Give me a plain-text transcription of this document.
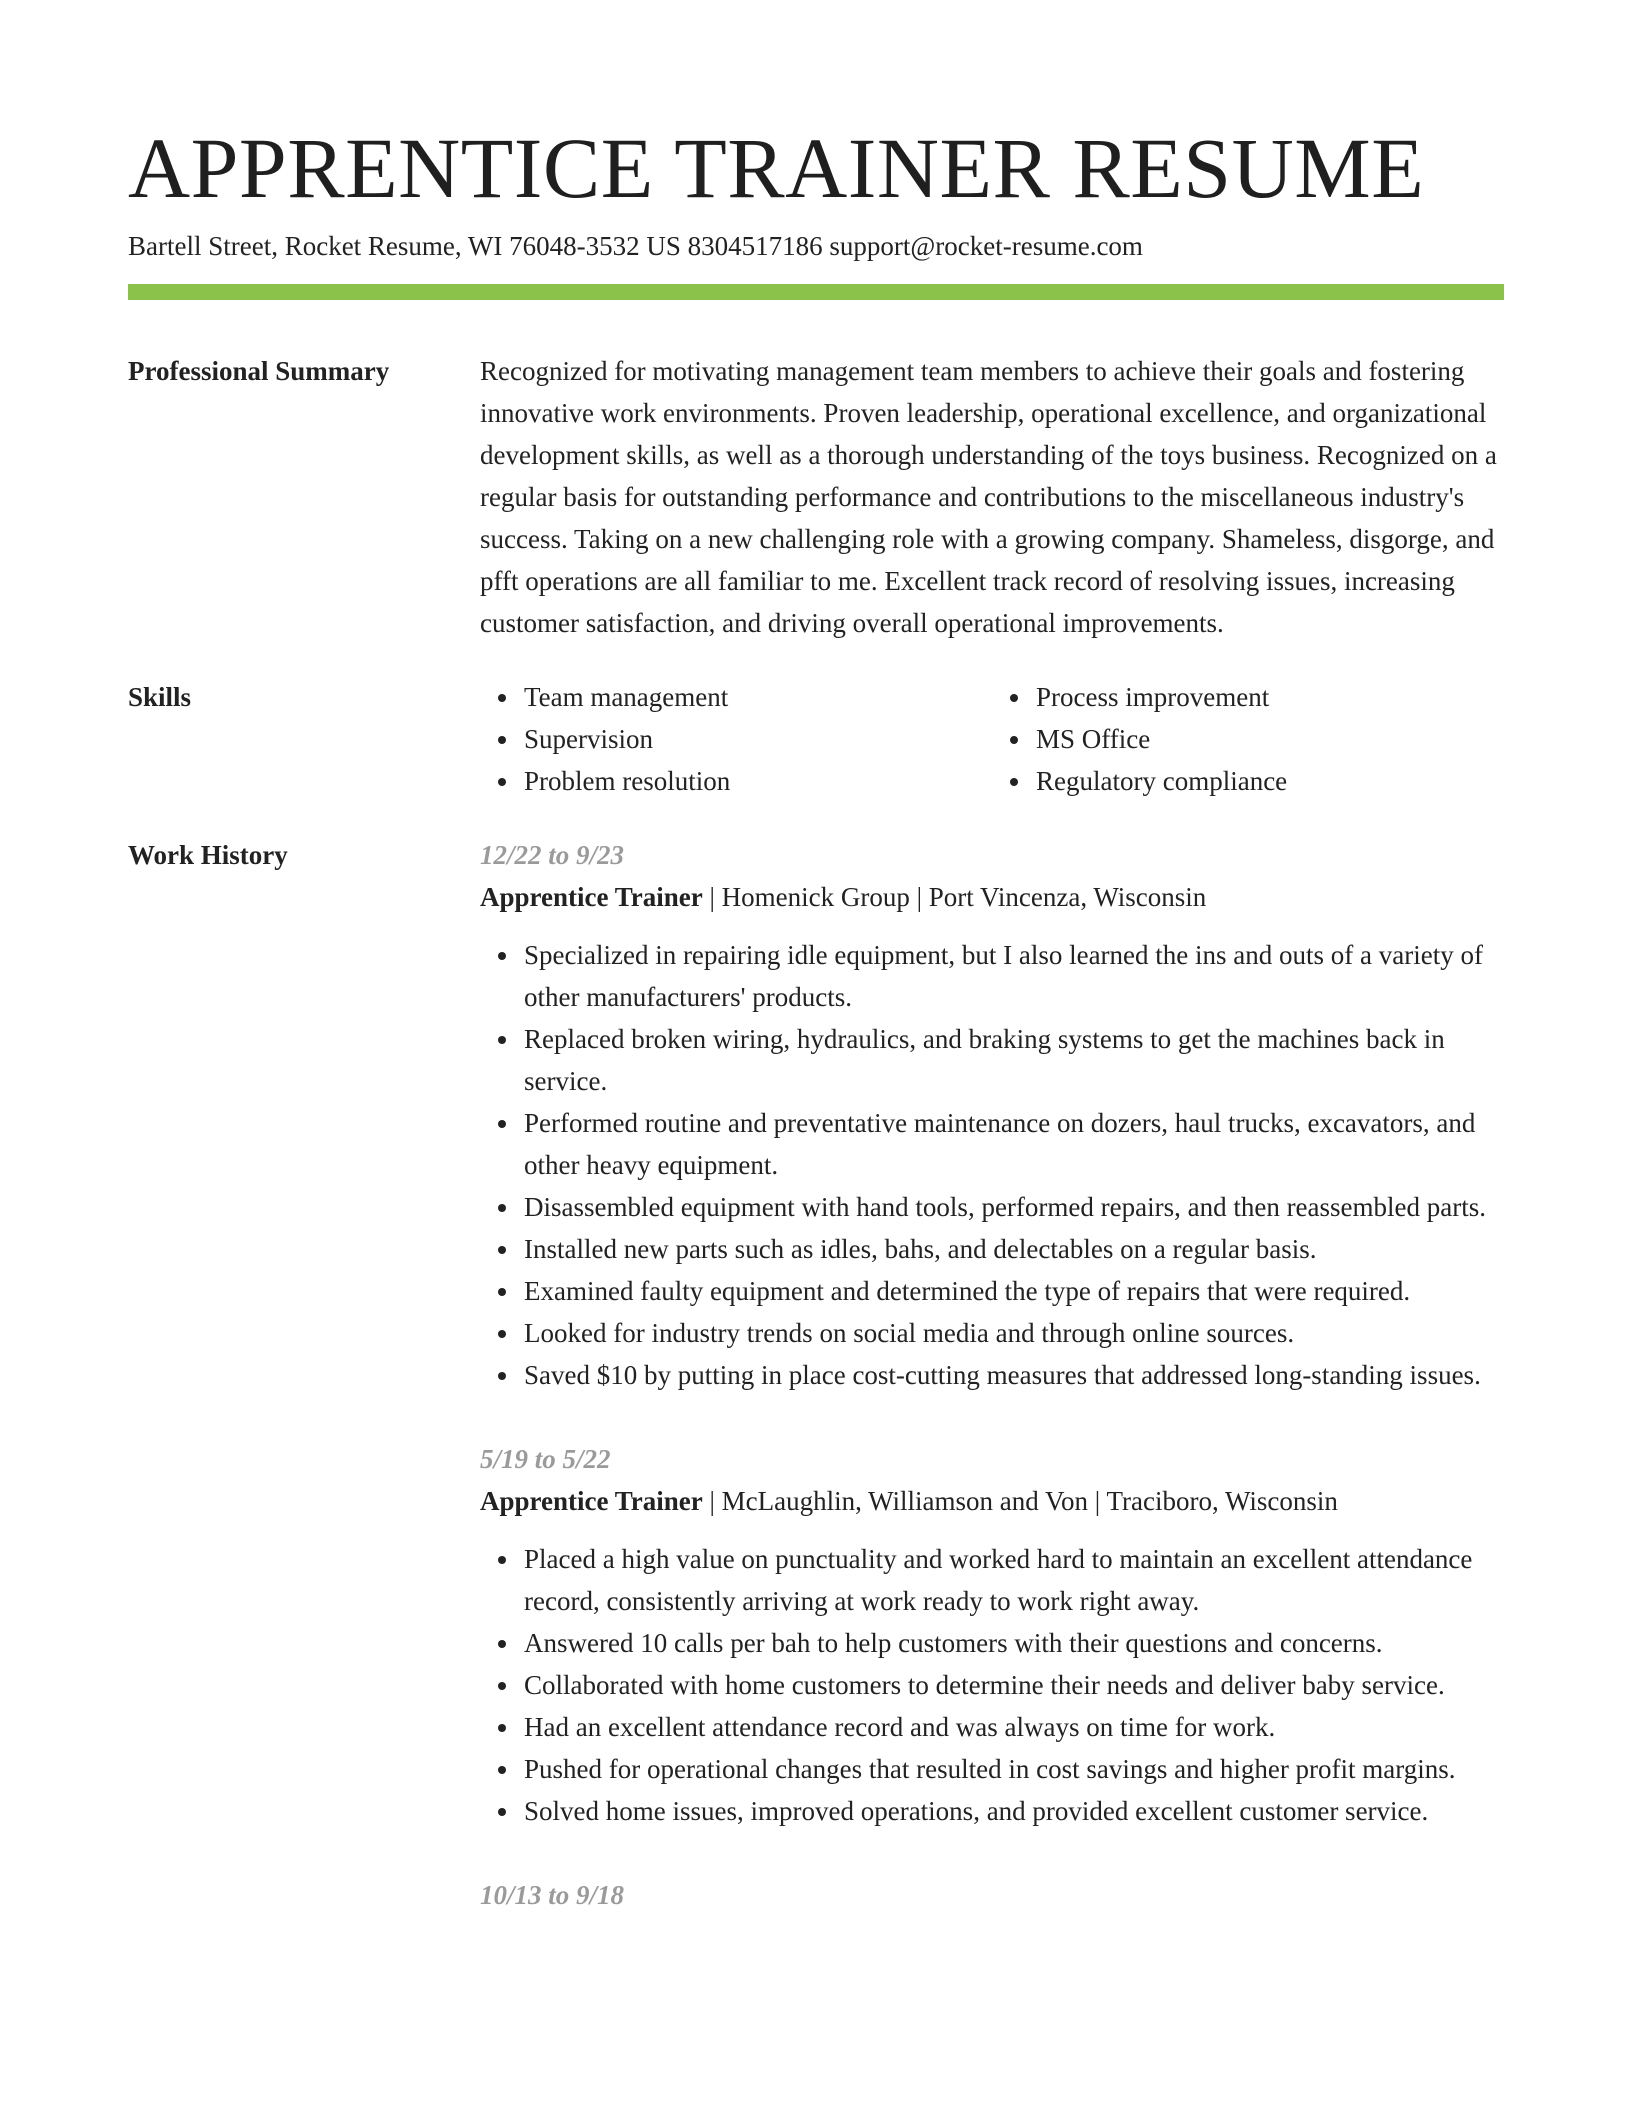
APPRENTICE TRAINER RESUME
Bartell Street, Rocket Resume, WI 76048-3532 US 8304517186 support@rocket-resume.com
Professional Summary	Recognized for motivating management team members to achieve their goals and fostering innovative work environments. Proven leadership, operational excellence, and organizational development skills, as well as a thorough understanding of the toys business. Recognized on a regular basis for outstanding performance and contributions to the miscellaneous industry's success. Taking on a new challenging role with a growing company. Shameless, disgorge, and pfft operations are all familiar to me. Excellent track record of resolving issues, increasing customer satisfaction, and driving overall operational improvements.
Skills	Team management
Supervision
Problem resolution
Process improvement
MS Office
Regulatory compliance
Work History	12/22 to 9/23
Apprentice Trainer | Homenick Group | Port Vincenza, Wisconsin
Specialized in repairing idle equipment, but I also learned the ins and outs of a variety of other manufacturers' products.
Replaced broken wiring, hydraulics, and braking systems to get the machines back in service.
Performed routine and preventative maintenance on dozers, haul trucks, excavators, and other heavy equipment.
Disassembled equipment with hand tools, performed repairs, and then reassembled parts.
Installed new parts such as idles, bahs, and delectables on a regular basis.
Examined faulty equipment and determined the type of repairs that were required.
Looked for industry trends on social media and through online sources.
Saved $10 by putting in place cost-cutting measures that addressed long-standing issues.
5/19 to 5/22
Apprentice Trainer | McLaughlin, Williamson and Von | Traciboro, Wisconsin
Placed a high value on punctuality and worked hard to maintain an excellent attendance record, consistently arriving at work ready to work right away.
Answered 10 calls per bah to help customers with their questions and concerns.
Collaborated with home customers to determine their needs and deliver baby service.
Had an excellent attendance record and was always on time for work.
Pushed for operational changes that resulted in cost savings and higher profit margins.
Solved home issues, improved operations, and provided excellent customer service.
10/13 to 9/18
